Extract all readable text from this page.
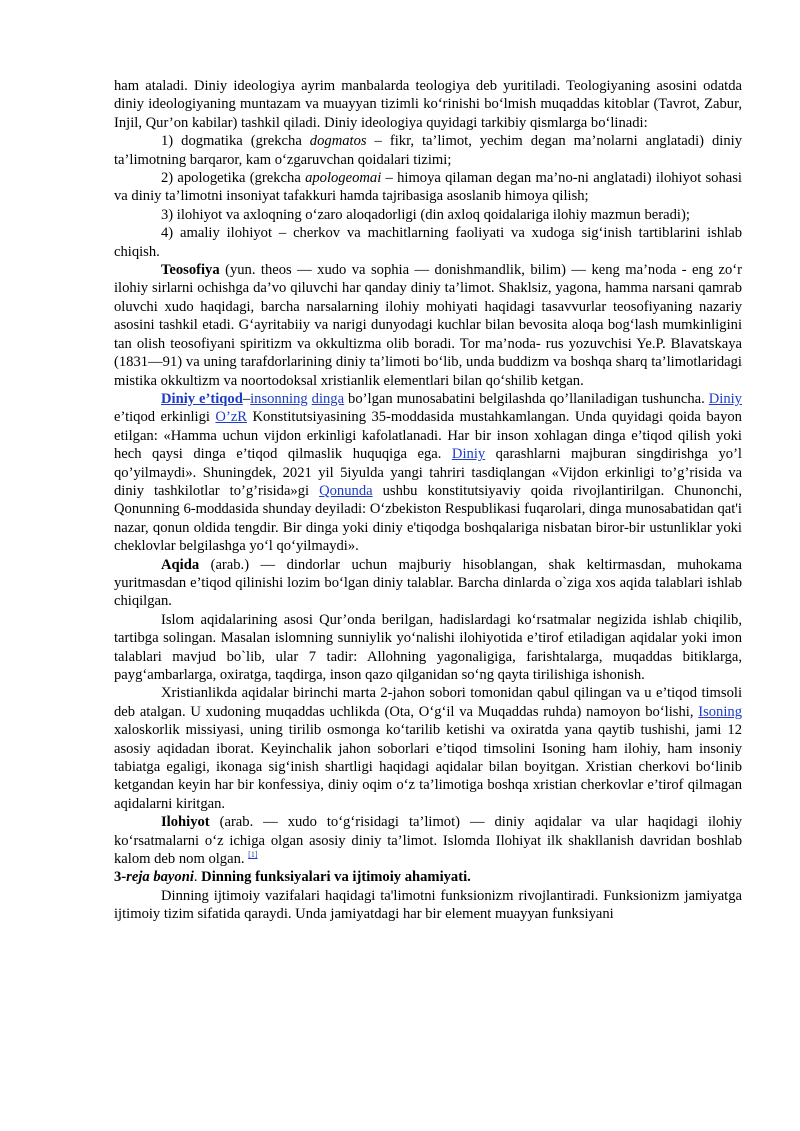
ham ataladi. Diniy ideologiya ayrim manbalarda teologiya deb yuritiladi. Teologiyaning asosini odatda diniy ideologiyaning muntazam va muayyan tizimli ko‘rinishi bo‘lmish muqaddas kitoblar (Tavrot, Zabur, Injil, Qur’on kabilar) tashkil qiladi. Diniy ideologiya quyidagi tarkibiy qismlarga bo‘linadi:

1) dogmatika (grekcha dogmatos – fikr, ta’limot, yechim degan ma’nolarni anglatadi) diniy ta’limotning barqaror, kam o‘zgaruvchan qoidalari tizimi;

2) apologetika (grekcha apologeomai – himoya qilaman degan ma’no-ni anglatadi) ilohiyot sohasi va diniy ta’limotni insoniyat tafakkuri hamda tajribasiga asoslanib himoya qilish;

3) ilohiyot va axloqning o‘zaro aloqadorligi (din axloq qoidalariga ilohiy mazmun beradi);

4) amaliy ilohiyot – cherkov va machitlarning faoliyati va xudoga sig‘inish tartiblarini ishlab chiqish.

Teosofiya (yun. theos — xudo va sophia — donishmandlik, bilim) — keng ma’noda - eng zo‘r ilohiy sirlarni ochishga da’vo qiluvchi har qanday diniy ta’limot. Shaklsiz, yagona, hamma narsani qamrab oluvchi xudo haqidagi, barcha narsalarning ilohiy mohiyati haqidagi tasavvurlar teosofiyaning nazariy asosini tashkil etadi. G‘ayritabiiy va narigi dunyodagi kuchlar bilan bevosita aloqa bog‘lash mumkinligini tan olish teosofiyani spiritizm va okkultizma olib boradi. Tor ma’noda- rus yozuvchisi Ye.P. Blavatskaya (1831—91) va uning tarafdorlarining diniy ta’limoti bo‘lib, unda buddizm va boshqa sharq ta’limotlaridagi mistika okkultizm va noortodoksal xristianlik elementlari bilan qo‘shilib ketgan.

Diniy e’tiqod–insonning dinga bo’lgan munosabatini belgilashda qo’llaniladigan tushuncha. Diniy e’tiqod erkinligi O’zR Konstitutsiyasining 35-moddasida mustahkamlangan. Unda quyidagi qoida bayon etilgan: «Hamma uchun vijdon erkinligi kafolatlanadi. Har bir inson xohlagan dinga e’tiqod qilish yoki hech qaysi dinga e’tiqod qilmaslik huquqiga ega. Diniy qarashlarni majburan singdirishga yo’l qo’yilmaydi». Shuningdek, 2021 yil 5iyulda yangi tahriri tasdiqlangan «Vijdon erkinligi to’g’risida va diniy tashkilotlar to’g’risida»gi Qonunda ushbu konstitutsiyaviy qoida rivojlantirilgan. Chunonchi, Qonunning 6-moddasida shunday deyiladi: O‘zbekiston Respublikasi fuqarolari, dinga munosabatidan qat'i nazar, qonun oldida tengdir. Bir dinga yoki diniy e'tiqodga boshqalariga nisbatan biror-bir ustunliklar yoki cheklovlar belgilashga yo‘l qo‘yilmaydi».

Aqida (arab.) — dindorlar uchun majburiy hisoblangan, shak keltirmasdan, muhokama yuritmasdan e’tiqod qilinishi lozim bo‘lgan diniy talablar. Barcha dinlarda o`ziga xos aqida talablari ishlab chiqilgan.

Islom aqidalarining asosi Qur’onda berilgan, hadislardagi ko‘rsatmalar negizida ishlab chiqilib, tartibga solingan. Masalan islomning sunniylik yo‘nalishi ilohiyotida e’tirof etiladigan aqidalar yoki imon talablari mavjud bo`lib, ular 7 tadir: Allohning yagonaligiga, farishtalarga, muqaddas bitiklarga, payg‘ambarlarga, oxiratga, taqdirga, inson qazo qilganidan so‘ng qayta tirilishiga ishonish.

Xristianlikda aqidalar birinchi marta 2-jahon sobori tomonidan qabul qilingan va u e’tiqod timsoli deb atalgan. U xudoning muqaddas uchlikda (Ota, O‘g‘il va Muqaddas ruhda) namoyon bo‘lishi, Isoning xaloskorlik missiyasi, uning tirilib osmonga ko‘tarilib ketishi va oxiratda yana qaytib tushishi, jami 12 asosiy aqidadan iborat. Keyinchalik jahon soborlari e’tiqod timsolini Isoning ham ilohiy, ham insoniy tabiatga egaligi, ikonaga sig‘inish shartligi haqidagi aqidalar bilan boyitgan. Xristian cherkovi bo‘linib ketgandan keyin har bir konfessiya, diniy oqim o‘z ta’limotiga boshqa xristian cherkovlar e’tirof qilmagan aqidalarni kiritgan.

Ilohiyot (arab. — xudo to‘g‘risidagi ta’limot) — diniy aqidalar va ular haqidagi ilohiy ko‘rsatmalarni o‘z ichiga olgan asosiy diniy ta’limot. Islomda Ilohiyat ilk shakllanish davridan boshlab kalom deb nom olgan. [1]

3-reja bayoni. Dinning funksiyalari va ijtimoiy ahamiyati.

Dinning ijtimoiy vazifalari haqidagi ta'limotni funksionizm rivojlantiradi. Funksionizm jamiyatga ijtimoiy tizim sifatida qaraydi. Unda jamiyatdagi har bir element muayyan funksiyani
